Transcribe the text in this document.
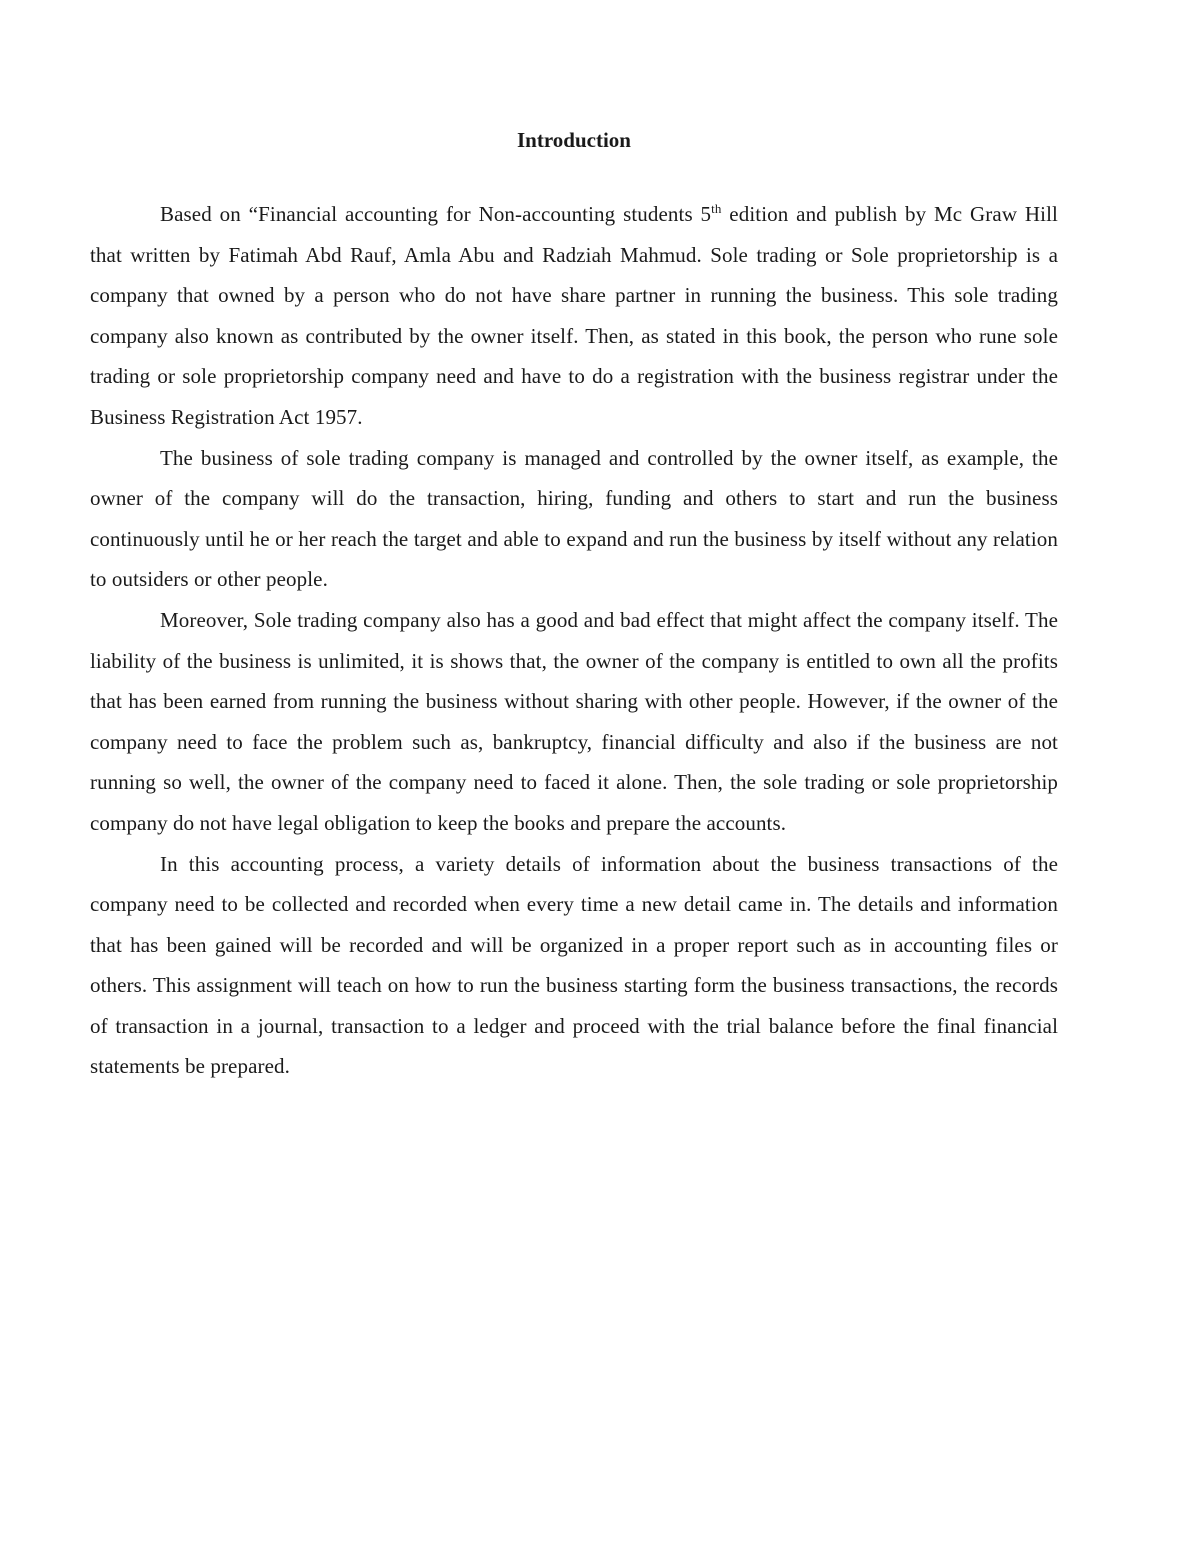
Introduction

Based on “Financial accounting for Non-accounting students 5th edition and publish by Mc Graw Hill that written by Fatimah Abd Rauf, Amla Abu and Radziah Mahmud. Sole trading or Sole proprietorship is a company that owned by a person who do not have share partner in running the business. This sole trading company also known as contributed by the owner itself. Then, as stated in this book, the person who rune sole trading or sole proprietorship company need and have to do a registration with the business registrar under the Business Registration Act 1957.

The business of sole trading company is managed and controlled by the owner itself, as example, the owner of the company will do the transaction, hiring, funding and others to start and run the business continuously until he or her reach the target and able to expand and run the business by itself without any relation to outsiders or other people.

Moreover, Sole trading company also has a good and bad effect that might affect the company itself. The liability of the business is unlimited, it is shows that, the owner of the company is entitled to own all the profits that has been earned from running the business without sharing with other people. However, if the owner of the company need to face the problem such as, bankruptcy, financial difficulty and also if the business are not running so well, the owner of the company need to faced it alone. Then, the sole trading or sole proprietorship company do not have legal obligation to keep the books and prepare the accounts.

In this accounting process, a variety details of information about the business transactions of the company need to be collected and recorded when every time a new detail came in. The details and information that has been gained will be recorded and will be organized in a proper report such as in accounting files or others. This assignment will teach on how to run the business starting form the business transactions, the records of transaction in a journal, transaction to a ledger and proceed with the trial balance before the final financial statements be prepared.
